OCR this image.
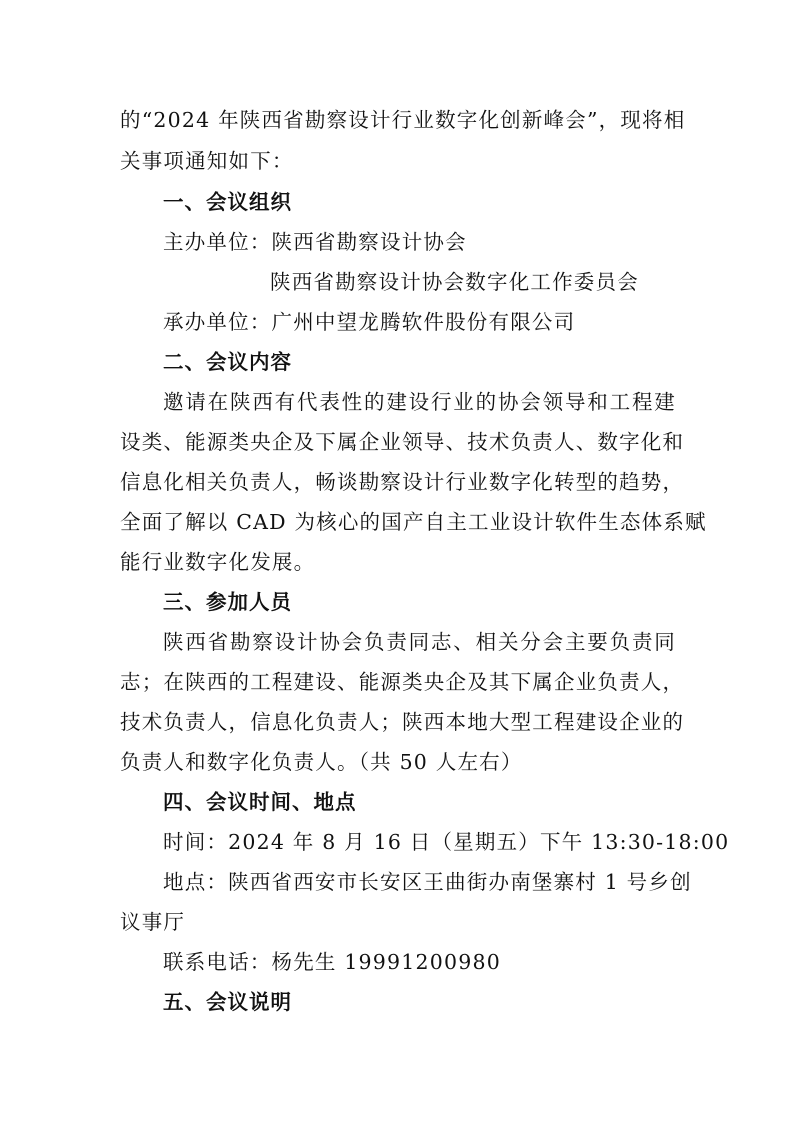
的“2024 年陕西省勘察设计行业数字化创新峰会”，现将相
关事项通知如下：
一、会议组织
主办单位：陕西省勘察设计协会
陕西省勘察设计协会数字化工作委员会
承办单位：广州中望龙腾软件股份有限公司
二、会议内容
邀请在陕西有代表性的建设行业的协会领导和工程建
设类、能源类央企及下属企业领导、技术负责人、数字化和
信息化相关负责人，畅谈勘察设计行业数字化转型的趋势，
全面了解以 CAD 为核心的国产自主工业设计软件生态体系赋
能行业数字化发展。
三、参加人员
陕西省勘察设计协会负责同志、相关分会主要负责同
志；在陕西的工程建设、能源类央企及其下属企业负责人，
技术负责人，信息化负责人；陕西本地大型工程建设企业的
负责人和数字化负责人。（共 50 人左右）
四、会议时间、地点
时间：2024 年 8 月 16 日（星期五）下午 13:30-18:00
地点：陕西省西安市长安区王曲街办南堡寨村 1 号乡创
议事厅
联系电话：杨先生 19991200980
五、会议说明
